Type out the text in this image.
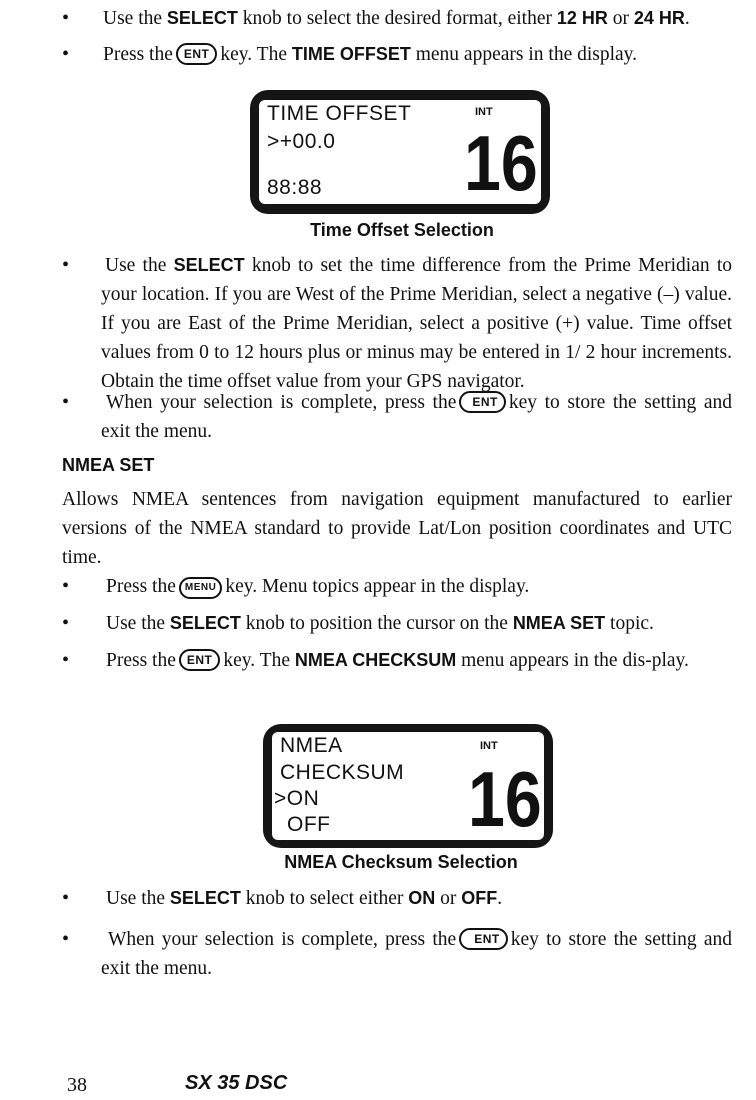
• Use the SELECT knob to select the desired format, either 12 HR or 24 HR.
• Press the ENT key. The TIME OFFSET menu appears in the display.
TIME OFFSET
>+00.0
88:88
INT
16
Time Offset Selection
• Use the SELECT knob to set the time difference from the Prime Meridian to your location. If you are West of the Prime Meridian, select a negative (–) value. If you are East of the Prime Meridian, select a positive (+) value. Time offset values from 0 to 12 hours plus or minus may be entered in 1/ 2 hour increments. Obtain the time offset value from your GPS navigator.
• When your selection is complete, press the ENT key to store the setting and exit the menu.
NMEA SET
Allows NMEA sentences from navigation equipment manufactured to earlier versions of the NMEA standard to provide Lat/Lon position coordinates and UTC time.
• Press the MENU key. Menu topics appear in the display.
• Use the SELECT knob to position the cursor on the NMEA SET topic.
• Press the ENT key. The NMEA CHECKSUM menu appears in the dis-play.
NMEA
CHECKSUM
>ON
OFF
INT
16
NMEA Checksum Selection
• Use the SELECT knob to select either ON or OFF.
•	When your selection is complete, press the ENT key to store the setting and exit the menu.
38	SX 35 DSC
